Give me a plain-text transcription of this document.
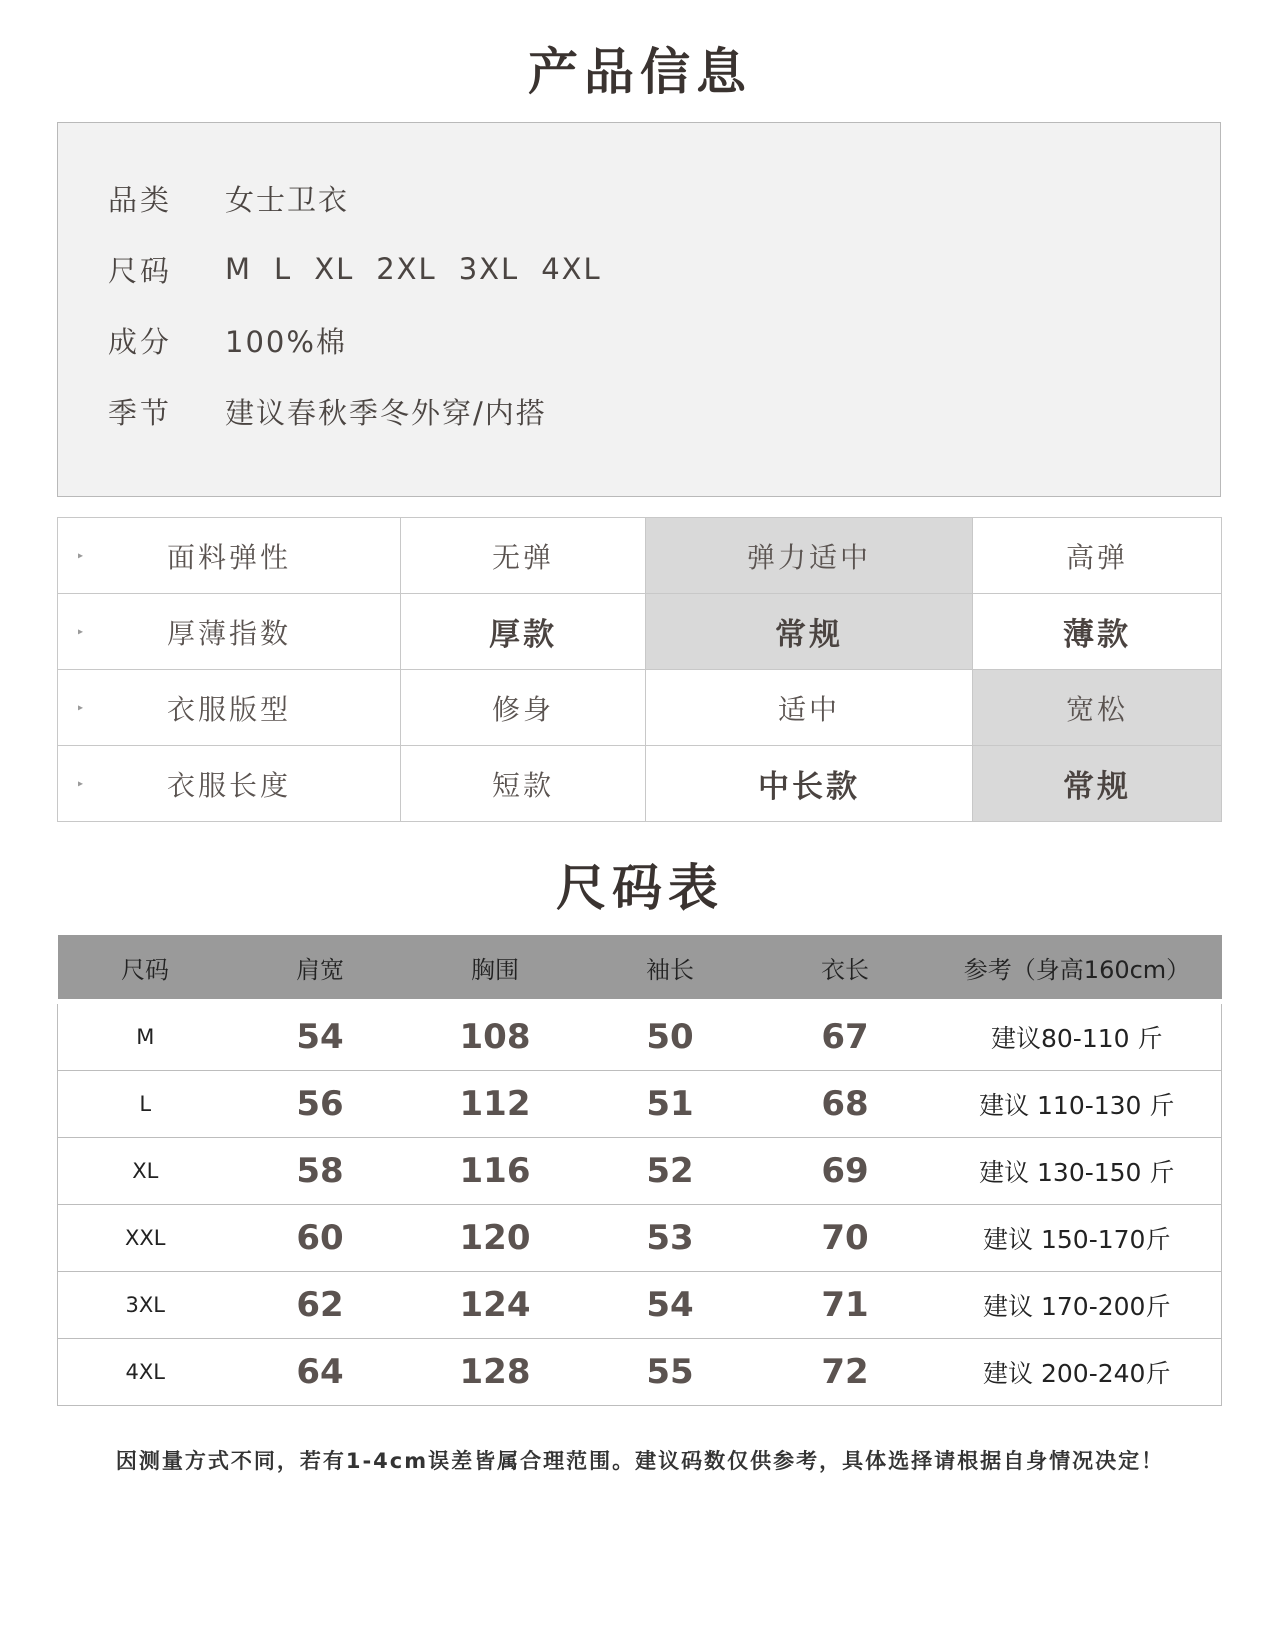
产品信息
品类	女士卫衣
尺码	M L XL 2XL 3XL 4XL
成分	100%棉
季节	建议春秋季冬外穿/内搭
▸ 面料弹性	无弹	弹力适中	高弹

▸ 厚薄指数	厚款	常规	薄款

▸ 衣服版型	修身	适中	宽松

▸ 衣服长度	短款	中长款	常规
尺码表
尺码	肩宽	胸围	袖长	衣长	参考（身高160cm）
M	54	108	50	67	建议80-110 斤
L	56	112	51	68	建议 110-130 斤
XL	58	116	52	69	建议 130-150 斤
XXL	60	120	53	70	建议 150-170斤
3XL	62	124	54	71	建议 170-200斤
4XL	64	128	55	72	建议 200-240斤
因测量方式不同，若有1-4cm误差皆属合理范围。建议码数仅供参考，具体选择请根据自身情况决定！
